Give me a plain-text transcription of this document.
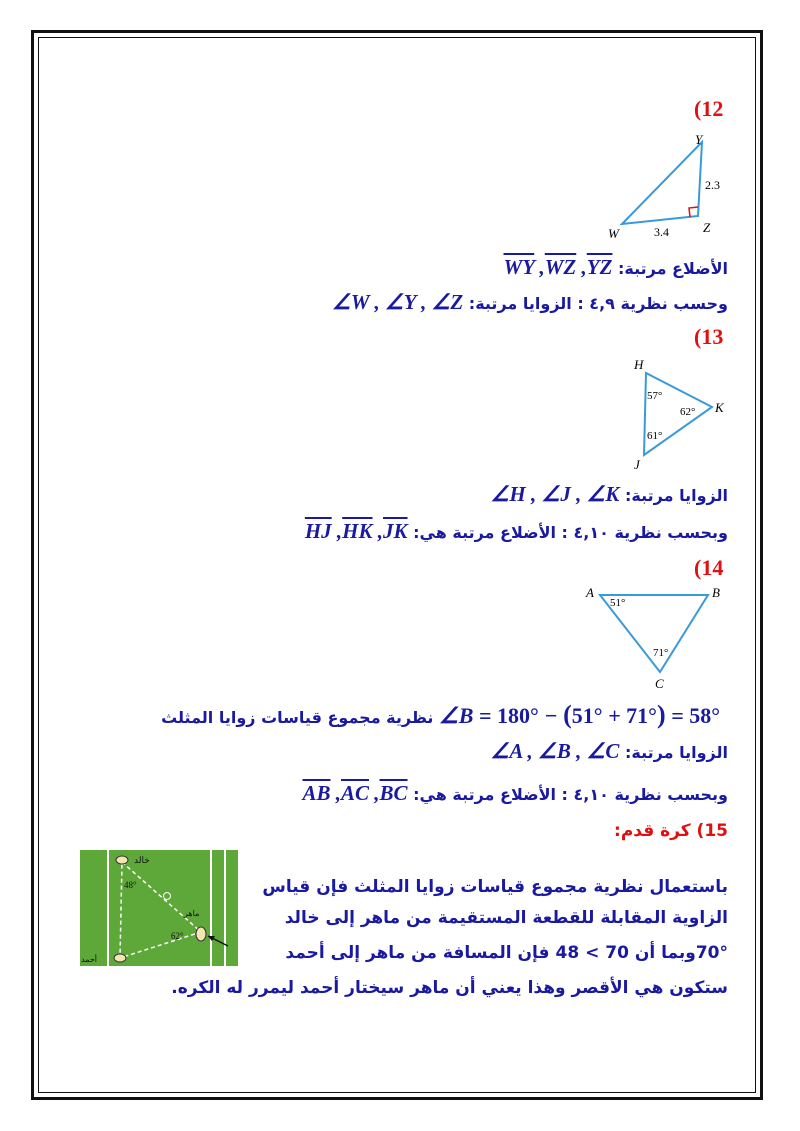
(12
Y
W	Z
2.3
3.4
الأضلاع مرتبة: $\overline{WY}$ $,\overline{WZ}$ $,\overline{YZ}$
وحسب نظرية ٤,٩ : الزوايا مرتبة: ∠W , ∠Y , ∠Z
(13
H
J
K
57°
62°
61°
الزوايا مرتبة: ∠H , ∠J , ∠K
وبحسب نظرية ٤,١٠ : الأضلاع مرتبة هي: $\overline{HJ}$ $,\overline{HK}$ $,\overline{JK}$
(14
A	B
C
51°
71°
∠B = 180° − (51° + 71°) = 58° نظرية مجموع قياسات زوايا المثلث
الزوايا مرتبة: ∠A , ∠B , ∠C
وبحسب نظرية ٤,١٠ : الأضلاع مرتبة هي: $\overline{AB}$ $,\overline{AC}$ $,\overline{BC}$
15) كرة قدم:
خالد
أحمد
ماهر
48°
62°
باستعمال نظرية مجموع قياسات زوايا المثلث فإن قياس
الزاوية المقابلة للقطعة المستقيمة من ماهر إلى خالد
70°وبما أن 70 > 48 فإن المسافة من ماهر إلى أحمد
ستكون هي الأقصر وهذا يعني أن ماهر سيختار أحمد ليمرر له الكره.
